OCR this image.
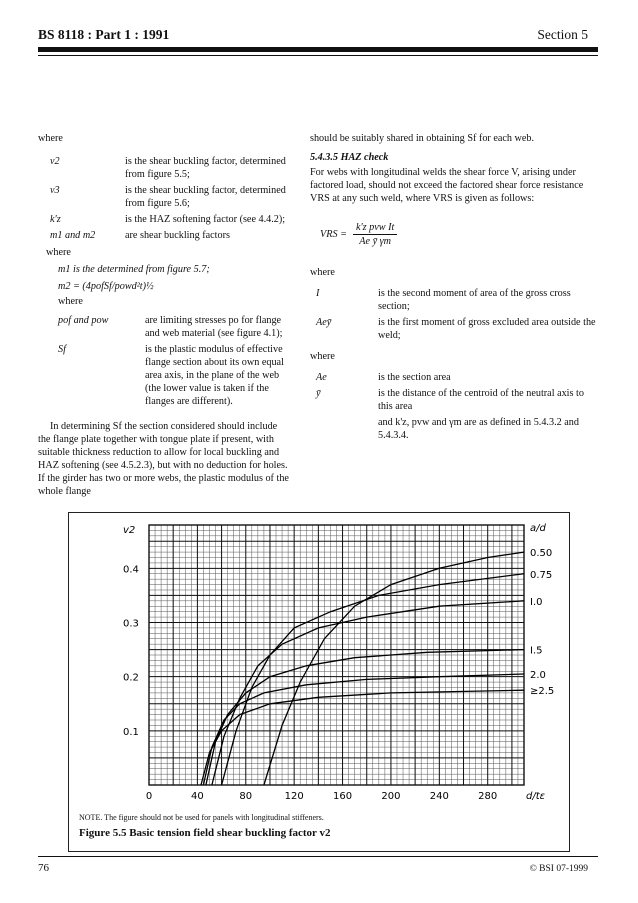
BS 8118 : Part 1 : 1991	Section 5

where

v2	is the shear buckling factor, determined from figure 5.5;
v3	is the shear buckling factor, determined from figure 5.6;
k'z	is the HAZ softening factor (see 4.4.2);
m1 and m2	are shear buckling factors

where

m1 is the determined from figure 5.7;

m2 = (4pofSf/powd²t)½

where

pof and pow	are limiting stresses po for flange and web material (see figure 4.1);
Sf	is the plastic modulus of effective flange section about its own equal area axis, in the plane of the web (the lower value is taken if the flanges are different).

In determining Sf the section considered should include the flange plate together with tongue plate if present, with suitable thickness reduction to allow for local buckling and HAZ softening (see 4.5.2.3), but with no deduction for holes. If the girder has two or more webs, the plastic modulus of the whole flange

should be suitably shared in obtaining Sf for each web.

5.4.3.5 HAZ check

For webs with longitudinal welds the shear force V, arising under factored load, should not exceed the factored shear force resistance VRS at any such weld, where VRS is given as follows:

VRS =
k'z pvw It
Ae ȳ γm

where

I	is the second moment of area of the gross cross section;
Aeȳ	is the first moment of gross excluded area outside the weld;

where

Ae	is the section area
ȳ	is the distance of the centroid of the neutral axis to this area
and k'z, pvw and γm are as defined in 5.4.3.2 and 5.4.3.4.
0.50
0.75
I.0
I.5
2.0
≥2.5
0	40	80	120	160	200	240	280
0.1
0.2
0.3
0.4
v2
d/tε
a/d
NOTE. The figure should not be used for panels with longitudinal stiffeners.
Figure 5.5 Basic tension field shear buckling factor v2
76	© BSI 07-1999
